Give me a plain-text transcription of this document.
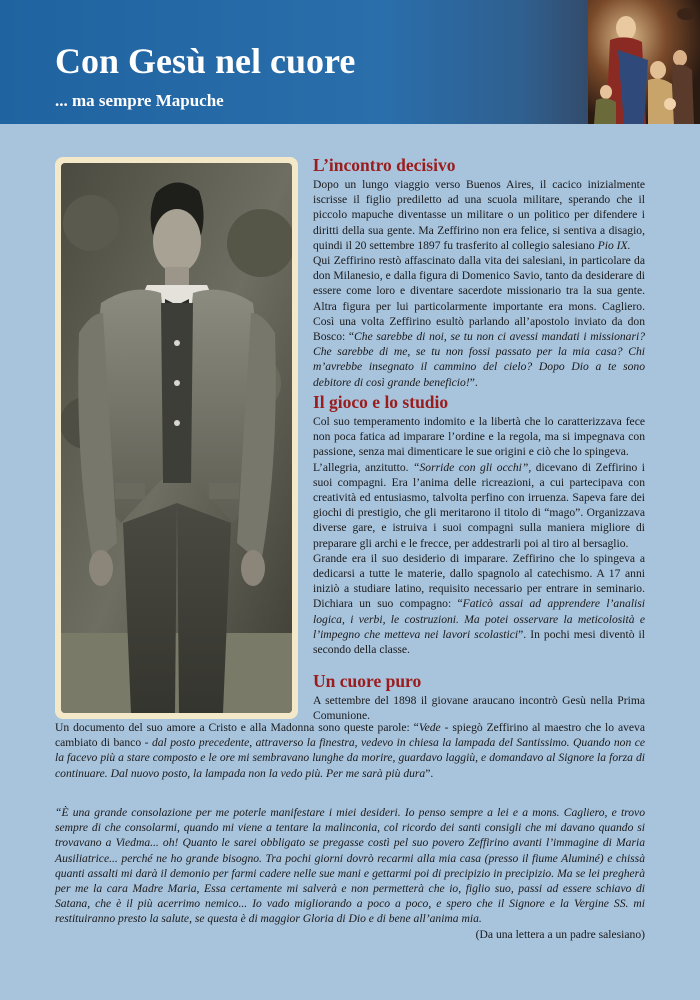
Con Gesù nel cuore
... ma sempre Mapuche
L’incontro decisivo

Dopo un lungo viaggio verso Buenos Aires, il cacico inizialmente iscrisse il figlio prediletto ad una scuola militare, sperando che il piccolo mapuche diventasse un militare o un politico per difendere i diritti della sua gente. Ma Zeffirino non era felice, si sentiva a disagio, quindi il 20 settembre 1897 fu trasferito al collegio salesiano Pio IX.

Qui Zeffirino restò affascinato dalla vita dei salesiani, in particolare da don Milanesio, e dalla figura di Domenico Savio, tanto da desiderare di essere come loro e diventare sacerdote missionario tra la sua gente. Altra figura per lui particolarmente importante era mons. Cagliero. Così una volta Zeffirino esultò parlando all’apostolo inviato da don Bosco: “Che sarebbe di noi, se tu non ci avessi mandati i missionari? Che sarebbe di me, se tu non fossi passato per la mia casa? Chi m’avrebbe insegnato il cammino del cielo? Dopo Dio a te sono debitore di così grande beneficio!”.

Il gioco e lo studio

Col suo temperamento indomito e la libertà che lo caratterizzava fece non poca fatica ad imparare l’ordine e la regola, ma si impegnava con passione, senza mai dimenticare le sue origini e ciò che lo spingeva.

L’allegria, anzitutto. “Sorride con gli occhi”, dicevano di Zeffirino i suoi compagni. Era l’anima delle ricreazioni, a cui partecipava con creatività ed entusiasmo, talvolta perfino con irruenza. Sapeva fare dei giochi di prestigio, che gli meritarono il titolo di “mago”. Organizzava diverse gare, e istruiva i suoi compagni sulla maniera migliore di preparare gli archi e le frecce, per addestrarli poi al tiro al bersaglio.

Grande era il suo desiderio di imparare. Zeffirino che lo spingeva a dedicarsi a tutte le materie, dallo spagnolo al catechismo. A 17 anni iniziò a studiare latino, requisito necessario per entrare in seminario. Dichiara un suo compagno: “Faticò assai ad apprendere l’analisi logica, i verbi, le costruzioni. Ma potei osservare la meticolosità e l’impegno che metteva nei lavori scolastici”. In pochi mesi diventò il secondo della classe.

Un cuore puro

A settembre del 1898 il giovane araucano incontrò Gesù nella Prima Comunione.

Un documento del suo amore a Cristo e alla Madonna sono queste parole: “Vede - spiegò Zeffirino al maestro che lo aveva cambiato di banco - dal posto precedente, attraverso la finestra, vedevo in chiesa la lampada del Santissimo. Quando non ce la facevo più a stare composto e le ore mi sembravano lunghe da morire, guardavo laggiù, e domandavo al Signore la forza di continuare. Dal nuovo posto, la lampada non la vedo più. Per me sarà più dura”.

“È una grande consolazione per me poterle manifestare i miei desideri. Io penso sempre a lei e a mons. Cagliero, e trovo sempre di che consolarmi, quando mi viene a tentare la malinconia, col ricordo dei santi consigli che mi davano quando si trovavano a Viedma... oh! Quanto le sarei obbligato se pregasse costì pel suo povero Zeffirino avanti l’immagine di Maria Ausiliatrice... perché ne ho grande bisogno. Tra pochi giorni dovrò recarmi alla mia casa (presso il fiume Aluminé) e chissà quanti assalti mi darà il demonio per farmi cadere nelle sue mani e gettarmi poi di precipizio in precipizio. Ma se lei pregherà per me la cara Madre Maria, Essa certamente mi salverà e non permetterà che io, figlio suo, passi ad essere schiavo di Satana, che è il più acerrimo nemico... Io vado migliorando a poco a poco, e spero che il Signore e la Vergine SS. mi restituiranno presto la salute, se questa è di maggior Gloria di Dio e di bene all’anima mia.

(Da una lettera a un padre salesiano)
